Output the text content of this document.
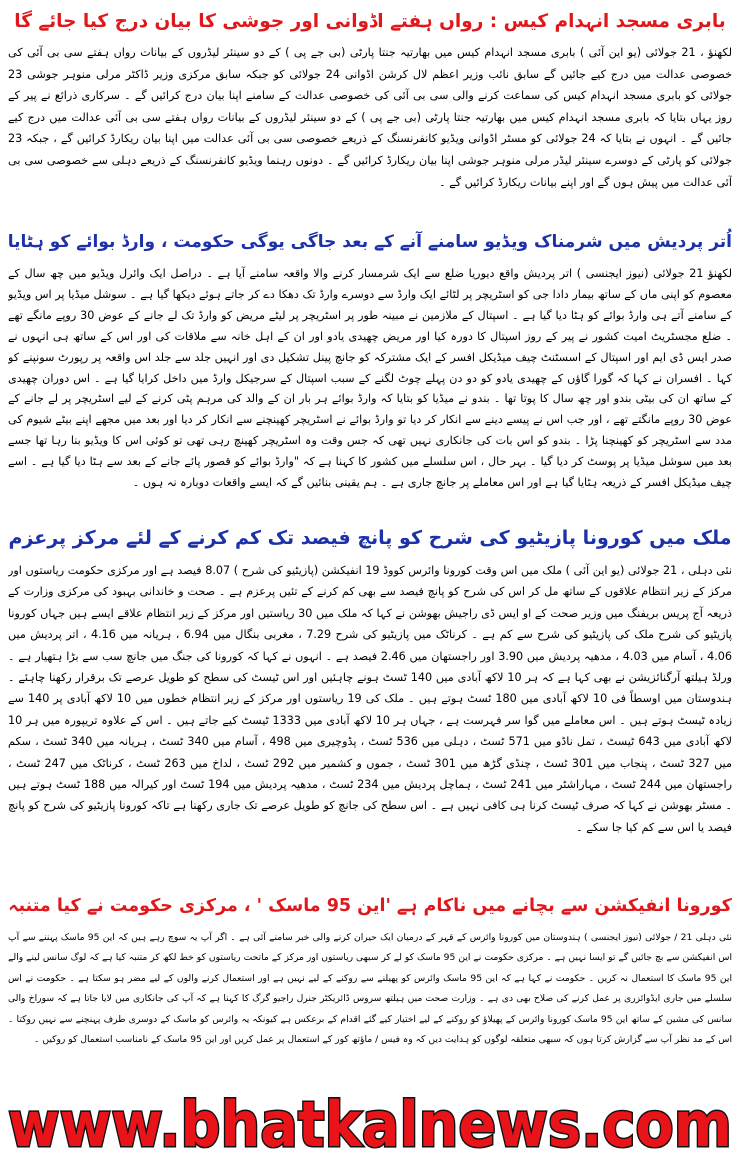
بابری مسجد انہدام کیس : رواں ہفتے اڈوانی اور جوشی کا بیان درج کیا جائے گا

لکھنؤ ، 21 جولائی (یو این آئی ) بابری مسجد انہدام کیس میں بھارتیہ جنتا پارٹی (بی جے پی ) کے دو سینئر لیڈروں کے بیانات رواں ہفتے سی بی آئی کی خصوصی عدالت میں درج کیے جائیں گے سابق نائب وزیر اعظم لال کرشن اڈوانی 24 جولائی کو جبکہ سابق مرکزی وزیر ڈاکٹر مرلی منوہر جوشی 23 جولائی کو بابری مسجد انہدام کیس کی سماعت کرنے والی سی بی آئی کی خصوصی عدالت کے سامنے اپنا بیان درج کرائیں گے ۔ سرکاری ذرائع نے پیر کے روز یہاں بتایا کہ بابری مسجد انہدام کیس میں بھارتیہ جنتا پارٹی (بی جے پی ) کے دو سینئر لیڈروں کے بیانات رواں ہفتے سی بی آئی عدالت میں درج کیے جائیں گے ۔ انہوں نے بتایا کہ 24 جولائی کو مسٹر اڈوانی ویڈیو کانفرنسنگ کے ذریعے خصوصی سی بی آئی عدالت میں اپنا بیان ریکارڈ کرائیں گے ، جبکہ 23 جولائی کو پارٹی کے دوسرے سینئر لیڈر مرلی منوہر جوشی اپنا بیان ریکارڈ کرائیں گے ۔ دونوں رہنما ویڈیو کانفرنسنگ کے ذریعے دہلی سے خصوصی سی بی آئی عدالت میں پیش ہوں گے اور اپنے بیانات ریکارڈ کرائیں گے ۔

اُتر پردیش میں شرمناک ویڈیو سامنے آنے کے بعد جاگی یوگی حکومت ، وارڈ بوائے کو ہٹایا

لکھنؤ 21 جولائی (نیوز ایجنسی ) اتر پردیش واقع دیوریا ضلع سے ایک شرمسار کرنے والا واقعہ سامنے آیا ہے ۔ دراصل ایک وائرل ویڈیو میں چھ سال کے معصوم کو اپنی ماں کے ساتھ بیمار دادا جی کو اسٹریچر پر لٹائے ایک وارڈ سے دوسرے وارڈ تک دھکا دے کر جاتے ہوئے دیکھا گیا ہے ۔ سوشل میڈیا پر اس ویڈیو کے سامنے آتے ہی وارڈ بوائے کو ہٹا دیا گیا ہے ۔ اسپتال کے ملازمین نے مبینہ طور پر اسٹریچر پر لیٹے مریض کو وارڈ تک لے جانے کے عوض 30 روپے مانگے تھے ۔ ضلع مجسٹریٹ امیت کشور نے پیر کے روز اسپتال کا دورہ کیا اور مریض چھیدی یادو اور ان کے اہل خانہ سے ملاقات کی اور اس کے ساتھ ہی انہوں نے صدر ایس ڈی ایم اور اسپتال کے اسسٹنٹ چیف میڈیکل افسر کے ایک مشترکہ کو جانچ پینل تشکیل دی اور انہیں جلد سے جلد اس واقعہ پر رپورٹ سونپنے کو کہا ۔ افسران نے کہا کہ گورا گاؤں کے چھیدی یادو کو دو دن پہلے چوٹ لگنے کے سبب اسپتال کے سرجیکل وارڈ میں داخل کرایا گیا ہے ۔ اس دوران چھیدی کے ساتھ ان کی بیٹی بندو اور چھ سال کا پوتا تھا ۔ بندو نے میڈیا کو بتایا کہ وارڈ بوائے ہر بار ان کے والد کی مرہم پٹی کرنے کے لیے اسٹریچر پر لے جانے کے عوض 30 روپے مانگتے تھے ، اور جب اس نے پیسے دینے سے انکار کر دیا تو وارڈ بوائے نے اسٹریچر کھینچنے سے انکار کر دیا اور بعد میں مجھے اپنے بیٹے شیوم کی مدد سے اسٹریچر کو کھینچنا پڑا ۔ بندو کو اس بات کی جانکاری نہیں تھی کہ جس وقت وہ اسٹریچر کھینچ رہی تھی تو کوئی اس کا ویڈیو بنا رہا تھا جسے بعد میں سوشل میڈیا پر پوسٹ کر دیا گیا ۔ بہر حال ، اس سلسلے میں کشور کا کہنا ہے کہ "وارڈ بوائے کو قصور پائے جانے کے بعد سے ہٹا دیا گیا ہے ۔ اسے چیف میڈیکل افسر کے ذریعہ ہٹایا گیا ہے اور اس معاملے پر جانچ جاری ہے ۔ ہم یقینی بنائیں گے کہ ایسے واقعات دوبارہ نہ ہوں ۔

ملک میں کورونا پازیٹیو کی شرح کو پانچ فیصد تک کم کرنے کے لئے مرکز پرعزم

نئی دہلی ، 21 جولائی (یو این آئی ) ملک میں اس وقت کورونا وائرس کووڈ 19 انفیکشن (پازیٹیو کی شرح ) 8.07 فیصد ہے اور مرکزی حکومت ریاستوں اور مرکز کے زیر انتظام علاقوں کے ساتھ مل کر اس کی شرح کو پانچ فیصد سے بھی کم کرنے کے تئیں پرعزم ہے ۔ صحت و خاندانی بہبود کی مرکزی وزارت کے ذریعہ آج پریس بریفنگ میں وزیر صحت کے او ایس ڈی راجیش بھوشن نے کہا کہ ملک میں 30 ریاستیں اور مرکز کے زیر انتظام علاقے ایسے ہیں جہاں کورونا پازیٹیو کی شرح ملک کی پازیٹیو کی شرح سے کم ہے ۔ کرناٹک میں پازیٹیو کی شرح 7.29 ، مغربی بنگال میں 6.94 ، ہریانہ میں 4.16 ، اتر پردیش میں 4.06 ، آسام میں 4.03 ، مدھیہ پردیش میں 3.90 اور راجستھان میں 2.46 فیصد ہے ۔ انہوں نے کہا کہ کورونا کی جنگ میں جانچ سب سے بڑا ہتھیار ہے ۔ ورلڈ ہیلتھ آرگنائزیشن نے بھی کہا ہے کہ ہر 10 لاکھ آبادی میں 140 ٹسٹ ہونے چاہئیں اور اس ٹیسٹ کی سطح کو طویل عرصے تک برقرار رکھنا چاہئے ۔ ہندوستان میں اوسطاً فی 10 لاکھ آبادی میں 180 ٹسٹ ہوتے ہیں ۔ ملک کی 19 ریاستوں اور مرکز کے زیر انتظام خطوں میں 10 لاکھ آبادی پر 140 سے زیادہ ٹیسٹ ہوتے ہیں ۔ اس معاملے میں گوا سر فہرست ہے ، جہاں ہر 10 لاکھ آبادی میں 1333 ٹیسٹ کیے جاتے ہیں ۔ اس کے علاوہ تریپورہ میں ہر 10 لاکھ آبادی میں 643 ٹیسٹ ، تمل ناڈو میں 571 ٹسٹ ، دہلی میں 536 ٹسٹ ، پڈوچیری میں 498 ، آسام میں 340 ٹسٹ ، ہریانہ میں 340 ٹسٹ ، سکم میں 327 ٹسٹ ، پنجاب میں 301 ٹسٹ ، چنڈی گڑھ میں 301 ٹسٹ ، جموں و کشمیر میں 292 ٹسٹ ، لداخ میں 263 ٹسٹ ، کرناٹک میں 247 ٹسٹ ، راجستھان میں 244 ٹسٹ ، مہاراشٹر میں 241 ٹسٹ ، ہماچل پردیش میں 234 ٹسٹ ، مدھیہ پردیش میں 194 ٹسٹ اور کیرالہ میں 188 ٹسٹ ہوتے ہیں ۔ مسٹر بھوشن نے کہا کہ صرف ٹیسٹ کرنا ہی کافی نہیں ہے ۔ اس سطح کی جانچ کو طویل عرصے تک جاری رکھنا ہے تاکہ کورونا پازیٹیو کی شرح کو پانچ فیصد یا اس سے کم کیا جا سکے ۔

کورونا انفیکشن سے بچانے میں ناکام ہے 'این 95 ماسک ' ، مرکزی حکومت نے کیا متنبہ

نئی دہلی 21 / جولائی (نیوز ایجنسی ) ہندوستان میں کورونا وائرس کے قہر کے درمیان ایک حیران کرنے والی خبر سامنے آئی ہے ۔ اگر آپ یہ سوچ رہے ہیں کہ این 95 ماسک پہننے سے آپ اس انفیکشن سے بچ جائیں گے تو ایسا نہیں ہے ۔ مرکزی حکومت نے این 95 ماسک کو لے کر سبھی ریاستوں اور مرکز کے ماتحت ریاستوں کو خط لکھ کر متنبہ کیا ہے کہ لوگ سانس لینے والے این 95 ماسک کا استعمال نہ کریں ۔ حکومت نے کہا ہے کہ این 95 ماسک وائرس کو پھیلنے سے روکنے کے لیے نہیں ہے اور استعمال کرنے والوں کے لیے مضر ہو سکتا ہے ۔ حکومت نے اس سلسلے میں جاری ایڈوائزری پر عمل کرنے کی صلاح بھی دی ہے ۔ وزارت صحت میں ہیلتھ سروس ڈائریکٹر جنرل راجیو گرگ کا کہنا ہے کہ آپ کی جانکاری میں لایا جاتا ہے کہ سوراخ والی سانس کی مشین کے ساتھ این 95 ماسک کورونا وائرس کے پھیلاؤ کو روکنے کے لیے اختیار کیے گئے اقدام کے برعکس ہے کیونکہ یہ وائرس کو ماسک کے دوسری طرف پہنچنے سے نہیں روکتا ۔ اس کے مد نظر آپ سے گزارش کرتا ہوں کہ سبھی متعلقہ لوگوں کو ہدایت دیں کہ وہ فیس / ماؤتھ کور کے استعمال پر عمل کریں اور این 95 ماسک کے نامناسب استعمال کو روکیں ۔

www.bhatkalnews.com
